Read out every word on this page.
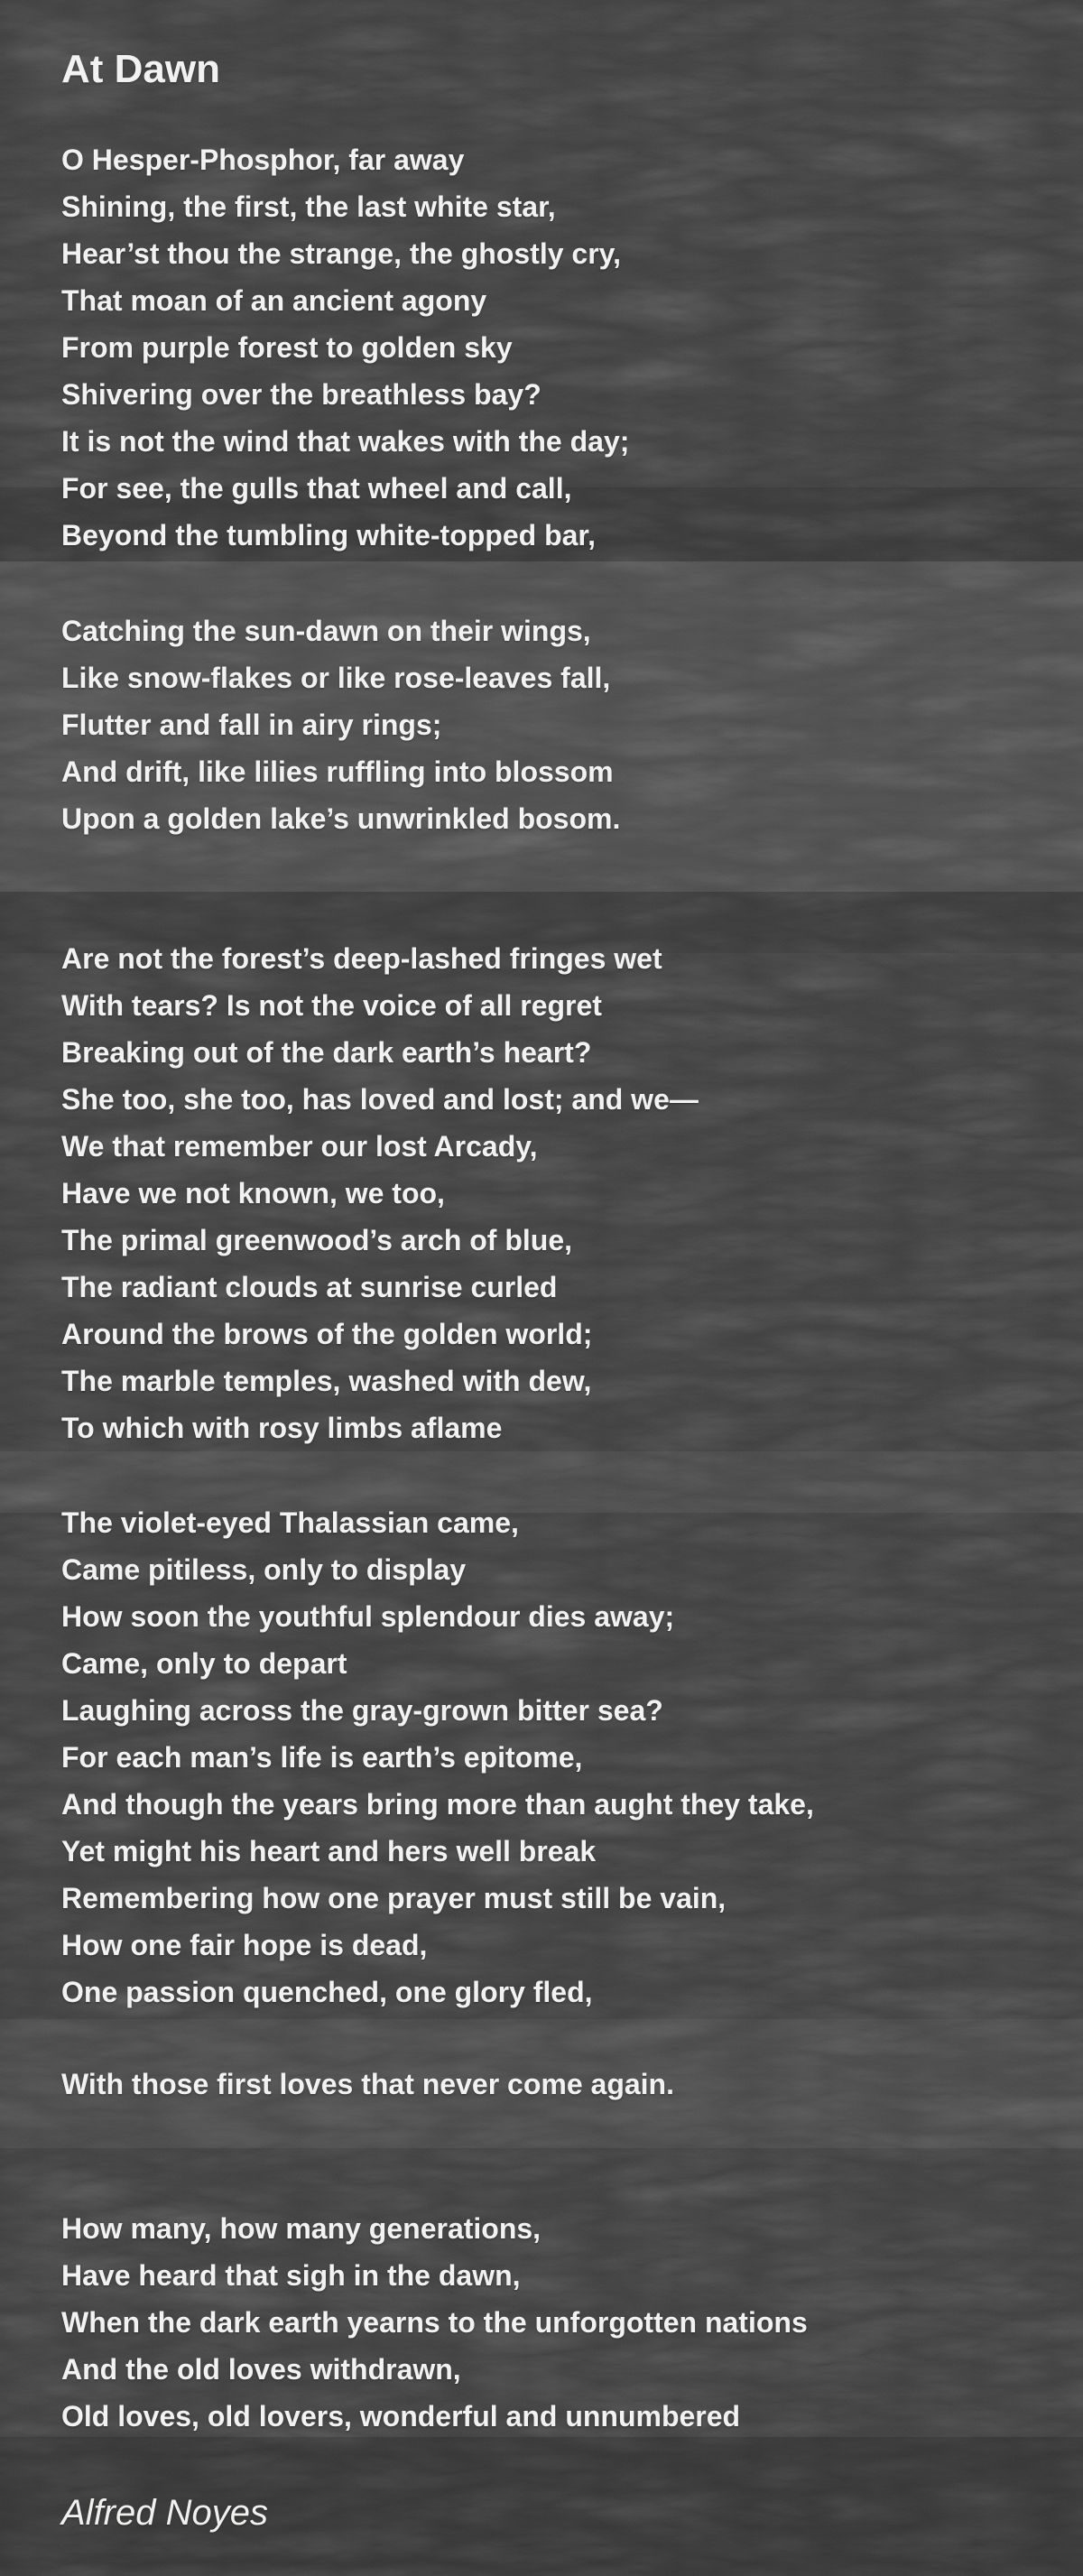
At Dawn
O Hesper-Phosphor, far away
Shining, the first, the last white star,
Hear’st thou the strange, the ghostly cry,
That moan of an ancient agony
From purple forest to golden sky
Shivering over the breathless bay?
It is not the wind that wakes with the day;
For see, the gulls that wheel and call,
Beyond the tumbling white-topped bar,
Catching the sun-dawn on their wings,
Like snow-flakes or like rose-leaves fall,
Flutter and fall in airy rings;
And drift, like lilies ruffling into blossom
Upon a golden lake’s unwrinkled bosom.
Are not the forest’s deep-lashed fringes wet
With tears? Is not the voice of all regret
Breaking out of the dark earth’s heart?
She too, she too, has loved and lost; and we—
We that remember our lost Arcady,
Have we not known, we too,
The primal greenwood’s arch of blue,
The radiant clouds at sunrise curled
Around the brows of the golden world;
The marble temples, washed with dew,
To which with rosy limbs aflame
The violet-eyed Thalassian came,
Came pitiless, only to display
How soon the youthful splendour dies away;
Came, only to depart
Laughing across the gray-grown bitter sea?
For each man’s life is earth’s epitome,
And though the years bring more than aught they take,
Yet might his heart and hers well break
Remembering how one prayer must still be vain,
How one fair hope is dead,
One passion quenched, one glory fled,
With those first loves that never come again.
How many, how many generations,
Have heard that sigh in the dawn,
When the dark earth yearns to the unforgotten nations
And the old loves withdrawn,
Old loves, old lovers, wonderful and unnumbered
Alfred Noyes
